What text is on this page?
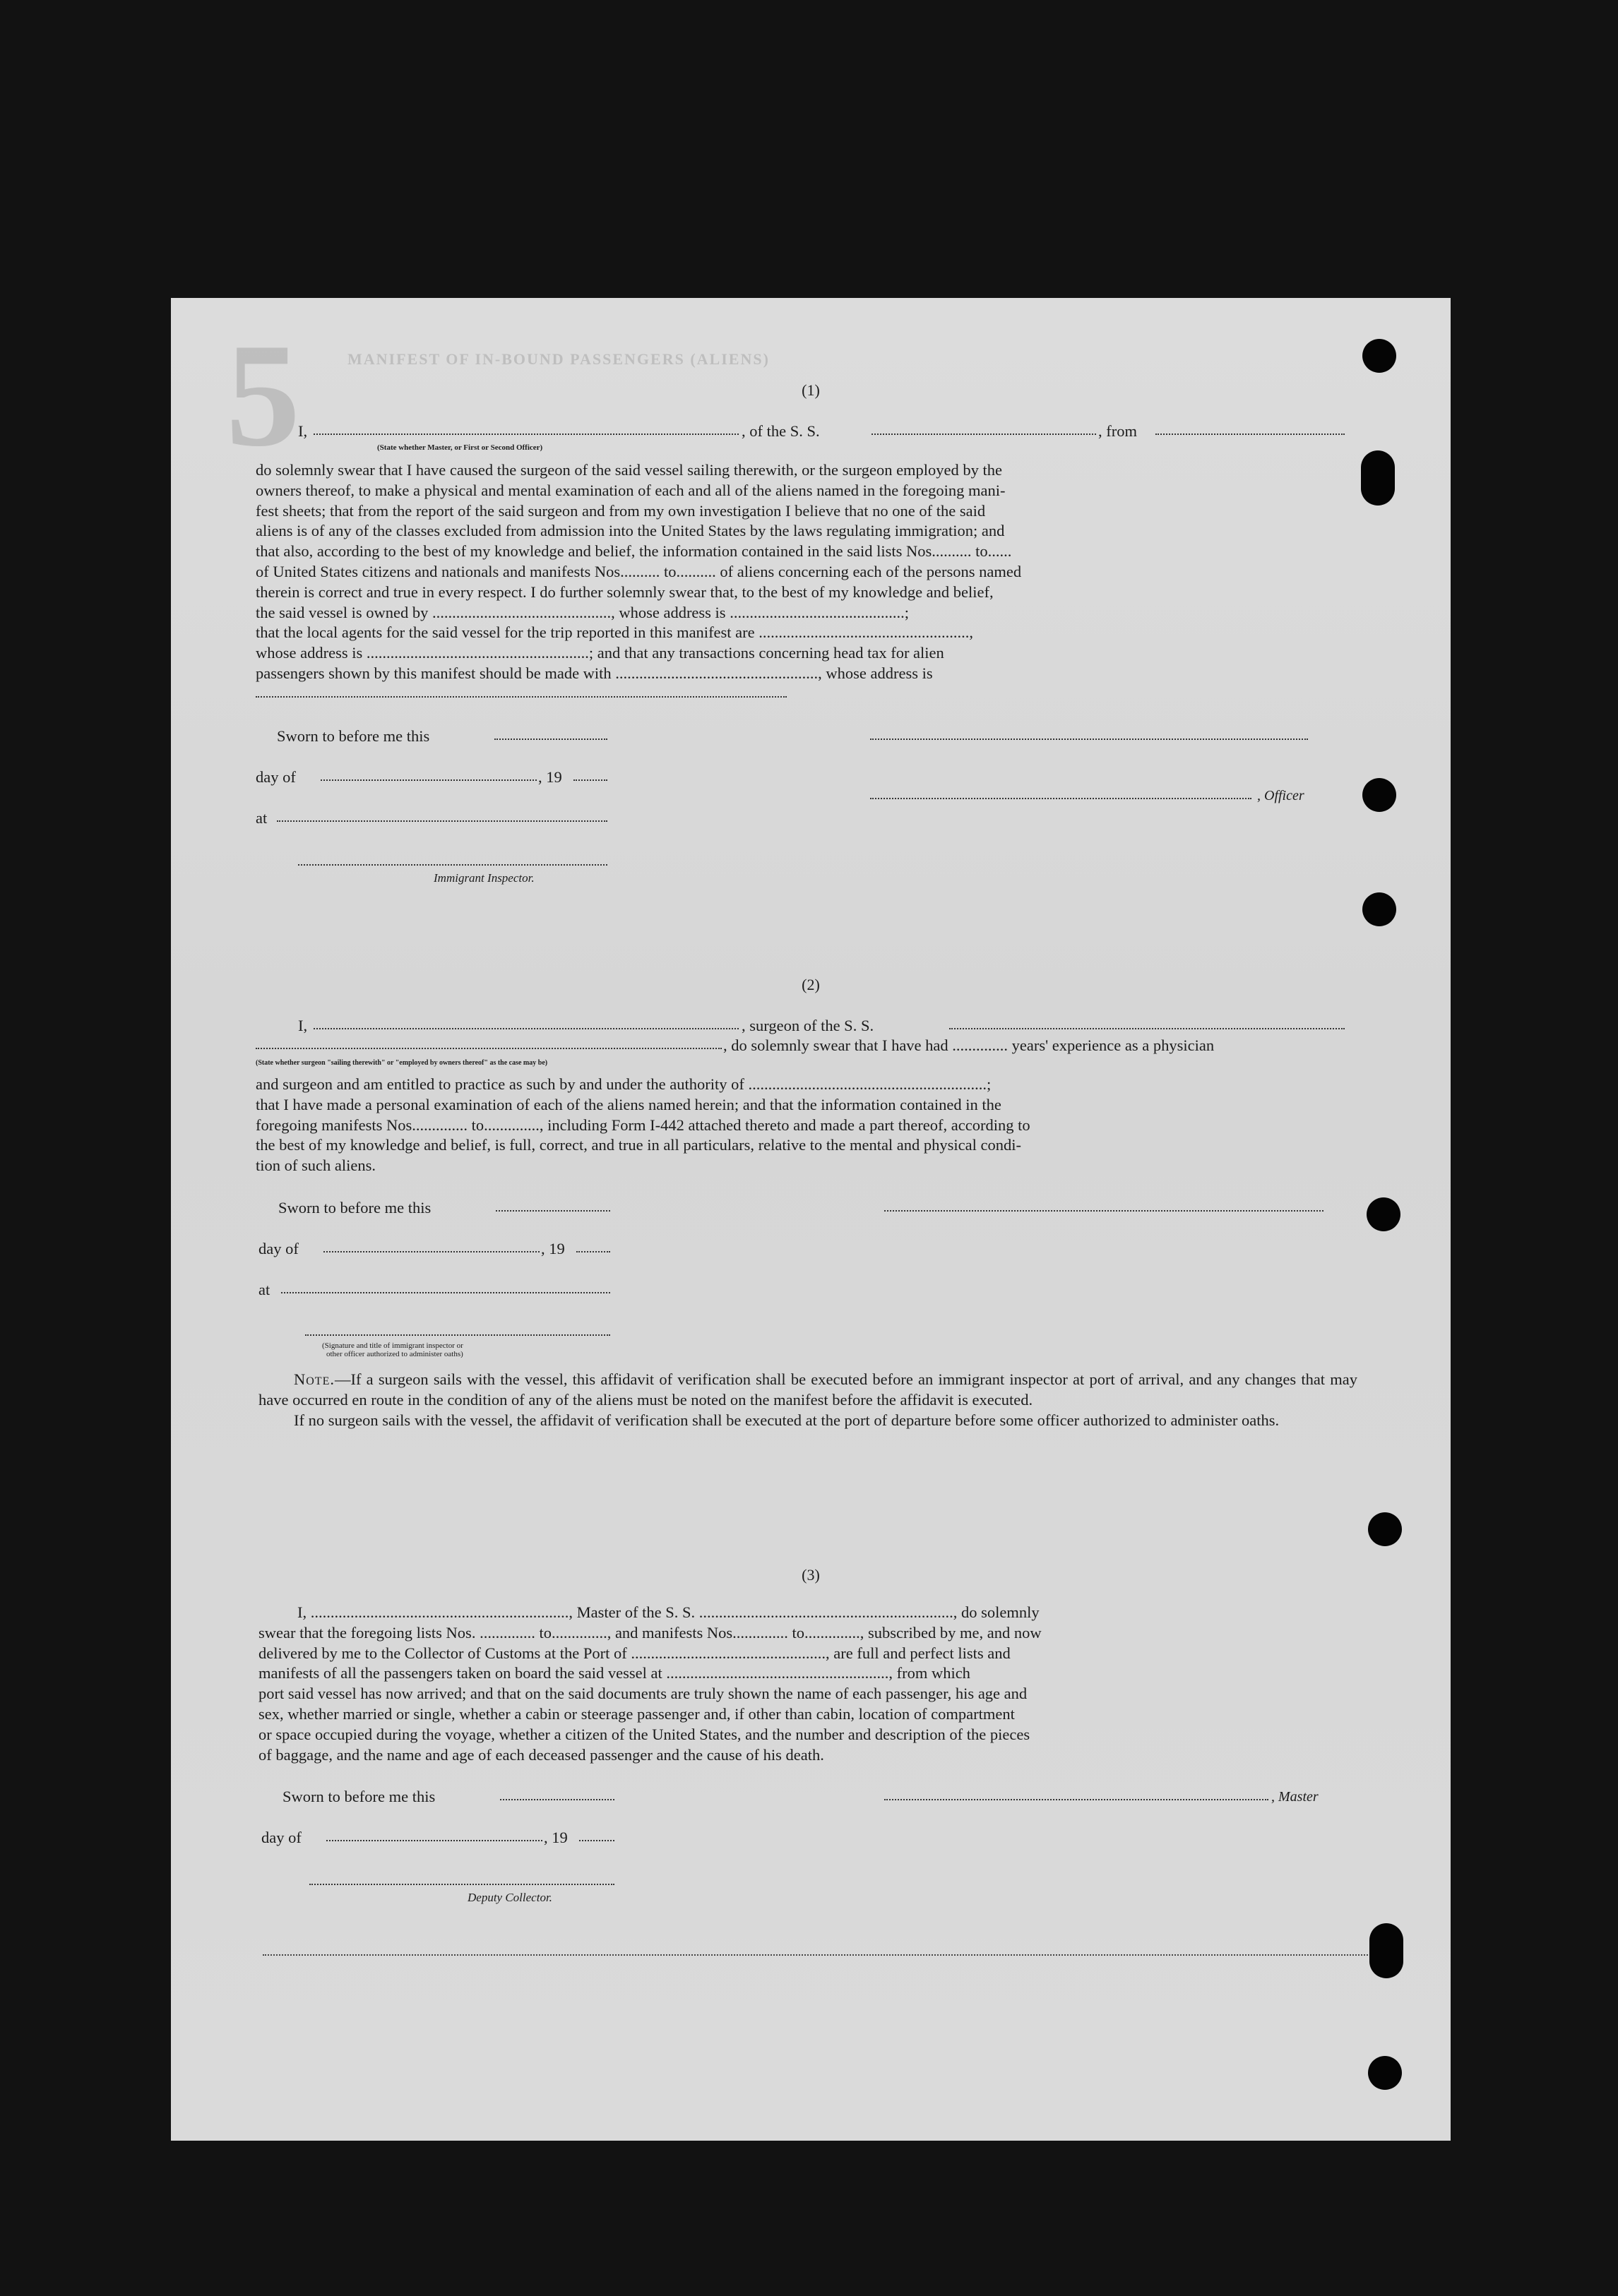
5	MANIFEST OF IN-BOUND PASSENGERS (ALIENS)
(1)
I,	, of the S. S.	, from
(State whether Master, or First or Second Officer)

do solemnly swear that I have caused the surgeon of the said vessel sailing therewith, or the surgeon employed by the

owners thereof, to make a physical and mental examination of each and all of the aliens named in the foregoing mani-

fest sheets; that from the report of the said surgeon and from my own investigation I believe that no one of the said

aliens is of any of the classes excluded from admission into the United States by the laws regulating immigration; and

that also, according to the best of my knowledge and belief, the information contained in the said lists Nos.......... to......

of United States citizens and nationals and manifests Nos.......... to.......... of aliens concerning each of the persons named

therein is correct and true in every respect. I do further solemnly swear that, to the best of my knowledge and belief,

the said vessel is owned by ............................................., whose address is ............................................;

that the local agents for the said vessel for the trip reported in this manifest are .....................................................,

whose address is ........................................................; and that any transactions concerning head tax for alien

passengers shown by this manifest should be made with ..................................................., whose address is

Sworn to before me this
day of	, 19
, Officer
at
Immigrant Inspector.
(2)
I,	, surgeon of the S. S.
, do solemnly swear that I have had .............. years' experience as a physician
(State whether surgeon "sailing therewith" or "employed by owners thereof" as the case may be)

and surgeon and am entitled to practice as such by and under the authority of ............................................................;

that I have made a personal examination of each of the aliens named herein; and that the information contained in the

foregoing manifests Nos.............. to.............., including Form I-442 attached thereto and made a part thereof, according to

the best of my knowledge and belief, is full, correct, and true in all particulars, relative to the mental and physical condi-

tion of such aliens.

Sworn to before me this
day of	, 19
at
(Signature and title of immigrant inspector or
other officer authorized to administer oaths)

Note.—If a surgeon sails with the vessel, this affidavit of verification shall be executed before an immigrant inspector at port of arrival, and any changes that may have occurred en route in the condition of any of the aliens must be noted on the manifest before the affidavit is executed.

If no surgeon sails with the vessel, the affidavit of verification shall be executed at the port of departure before some officer authorized to administer oaths.

(3)

I, ................................................................., Master of the S. S. ................................................................, do solemnly

swear that the foregoing lists Nos. .............. to.............., and manifests Nos.............. to.............., subscribed by me, and now

delivered by me to the Collector of Customs at the Port of ................................................., are full and perfect lists and

manifests of all the passengers taken on board the said vessel at ........................................................, from which

port said vessel has now arrived; and that on the said documents are truly shown the name of each passenger, his age and

sex, whether married or single, whether a cabin or steerage passenger and, if other than cabin, location of compartment

or space occupied during the voyage, whether a citizen of the United States, and the number and description of the pieces

of baggage, and the name and age of each deceased passenger and the cause of his death.

Sworn to before me this	, Master
day of	, 19
Deputy Collector.
